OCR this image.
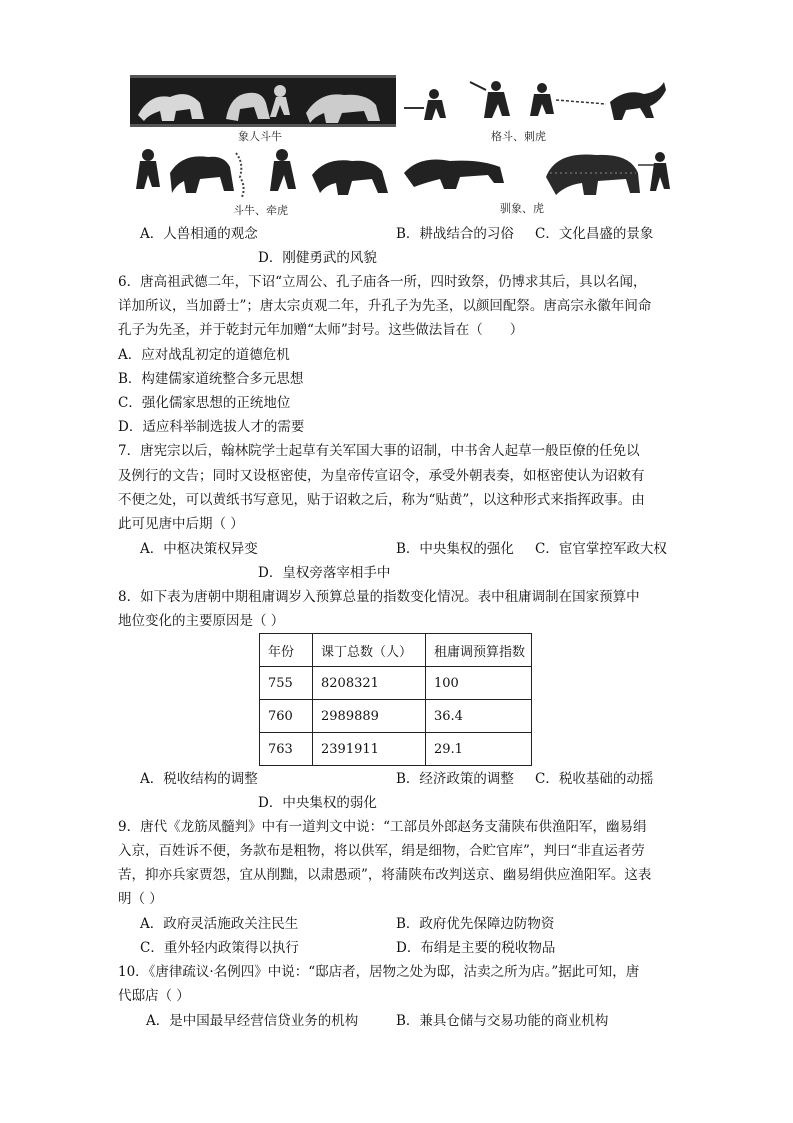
象人斗牛	格斗、刺虎
斗牛、牵虎	驯象、虎
A．人兽相通的观念	B．耕战结合的习俗 C．文化昌盛的景象
D．刚健勇武的风貌
6．唐高祖武德二年，下诏“立周公、孔子庙各一所，四时致祭，仍博求其后，具以名闻，
详加所议，当加爵士”；唐太宗贞观二年，升孔子为先圣，以颜回配祭。唐高宗永徽年间命
孔子为先圣，并于乾封元年加赠“太师”封号。这些做法旨在（　　）
A．应对战乱初定的道德危机
B．构建儒家道统整合多元思想
C．强化儒家思想的正统地位
D．适应科举制选拔人才的需要
7．唐宪宗以后，翰林院学士起草有关军国大事的诏制，中书舍人起草一般臣僚的任免以
及例行的文告；同时又设枢密使，为皇帝传宣诏令，承受外朝表奏，如枢密使认为诏敕有
不便之处，可以黄纸书写意见，贴于诏敕之后，称为“贴黄”，以这种形式来指挥政事。由
此可见唐中后期（ ）
A．中枢决策权异变	B．中央集权的强化 C．宦官掌控军政大权
D．皇权旁落宰相手中
8．如下表为唐朝中期租庸调岁入预算总量的指数变化情况。表中租庸调制在国家预算中
地位变化的主要原因是（ ）
年份	课丁总数（人）	租庸调预算指数
755	8208321	100
760	2989889	36.4
763	2391911	29.1
A．税收结构的调整	B．经济政策的调整 C．税收基础的动摇
D．中央集权的弱化
9．唐代《龙筋凤髓判》中有一道判文中说：“工部员外郎赵务支蒲陕布供渔阳军，幽易绢
入京，百姓诉不便，务款布是粗物，将以供军，绢是细物，合贮官库”，判曰“非直运者劳
苦，抑亦兵家贾怨，宜从削黜，以肃愚顽”，将蒲陕布改判送京、幽易绢供应渔阳军。这表
明（ ）
A．政府灵活施政关注民生	B．政府优先保障边防物资
C．重外轻内政策得以执行	D．布绢是主要的税收物品
10．《唐律疏议·名例四》中说：“邸店者，居物之处为邸，沽卖之所为店。”据此可知，唐
代邸店（ ）
A．是中国最早经营信贷业务的机构	B．兼具仓储与交易功能的商业机构
